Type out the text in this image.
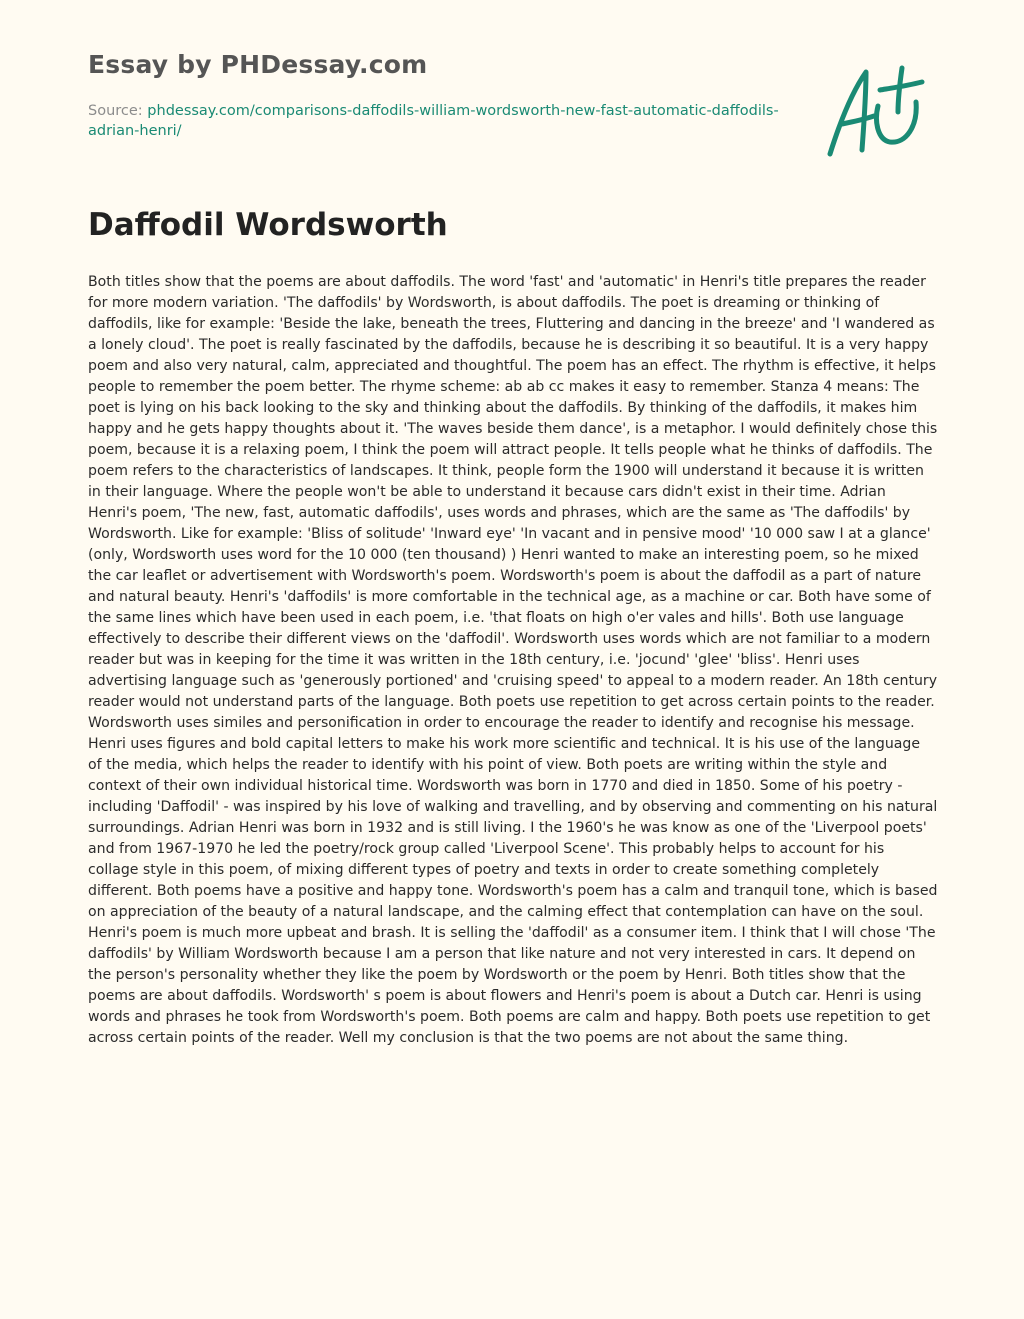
Essay by PHDessay.com
Source: phdessay.com/comparisons-daffodils-william-wordsworth-new-fast-automatic-daffodils-adrian-henri/
Daffodil Wordsworth

Both titles show that the poems are about daffodils. The word 'fast' and 'automatic' in Henri's title prepares the reader for more modern variation. 'The daffodils' by Wordsworth, is about daffodils. The poet is dreaming or thinking of daffodils, like for example: 'Beside the lake, beneath the trees, Fluttering and dancing in the breeze' and 'I wandered as a lonely cloud'. The poet is really fascinated by the daffodils, because he is describing it so beautiful. It is a very happy poem and also very natural, calm, appreciated and thoughtful. The poem has an effect. The rhythm is effective, it helps people to remember the poem better. The rhyme scheme: ab ab cc makes it easy to remember. Stanza 4 means: The poet is lying on his back looking to the sky and thinking about the daffodils. By thinking of the daffodils, it makes him happy and he gets happy thoughts about it. 'The waves beside them dance', is a metaphor. I would definitely chose this poem, because it is a relaxing poem, I think the poem will attract people. It tells people what he thinks of daffodils. The poem refers to the characteristics of landscapes. It think, people form the 1900 will understand it because it is written in their language. Where the people won't be able to understand it because cars didn't exist in their time. Adrian Henri's poem, 'The new, fast, automatic daffodils', uses words and phrases, which are the same as 'The daffodils' by Wordsworth. Like for example: 'Bliss of solitude' 'Inward eye' 'In vacant and in pensive mood' '10 000 saw I at a glance' (only, Wordsworth uses word for the 10 000 (ten thousand) ) Henri wanted to make an interesting poem, so he mixed the car leaflet or advertisement with Wordsworth's poem. Wordsworth's poem is about the daffodil as a part of nature and natural beauty. Henri's 'daffodils' is more comfortable in the technical age, as a machine or car. Both have some of the same lines which have been used in each poem, i.e. 'that floats on high o'er vales and hills'. Both use language effectively to describe their different views on the 'daffodil'. Wordsworth uses words which are not familiar to a modern reader but was in keeping for the time it was written in the 18th century, i.e. 'jocund' 'glee' 'bliss'. Henri uses advertising language such as 'generously portioned' and 'cruising speed' to appeal to a modern reader. An 18th century reader would not understand parts of the language. Both poets use repetition to get across certain points to the reader. Wordsworth uses similes and personification in order to encourage the reader to identify and recognise his message. Henri uses figures and bold capital letters to make his work more scientific and technical. It is his use of the language of the media, which helps the reader to identify with his point of view. Both poets are writing within the style and context of their own individual historical time. Wordsworth was born in 1770 and died in 1850. Some of his poetry - including 'Daffodil' - was inspired by his love of walking and travelling, and by observing and commenting on his natural surroundings. Adrian Henri was born in 1932 and is still living. I the 1960's he was know as one of the 'Liverpool poets' and from 1967-1970 he led the poetry/rock group called 'Liverpool Scene'. This probably helps to account for his collage style in this poem, of mixing different types of poetry and texts in order to create something completely different. Both poems have a positive and happy tone. Wordsworth's poem has a calm and tranquil tone, which is based on appreciation of the beauty of a natural landscape, and the calming effect that contemplation can have on the soul. Henri's poem is much more upbeat and brash. It is selling the 'daffodil' as a consumer item. I think that I will chose 'The daffodils' by William Wordsworth because I am a person that like nature and not very interested in cars. It depend on the person's personality whether they like the poem by Wordsworth or the poem by Henri. Both titles show that the poems are about daffodils. Wordsworth' s poem is about flowers and Henri's poem is about a Dutch car. Henri is using words and phrases he took from Wordsworth's poem. Both poems are calm and happy. Both poets use repetition to get across certain points of the reader. Well my conclusion is that the two poems are not about the same thing.
